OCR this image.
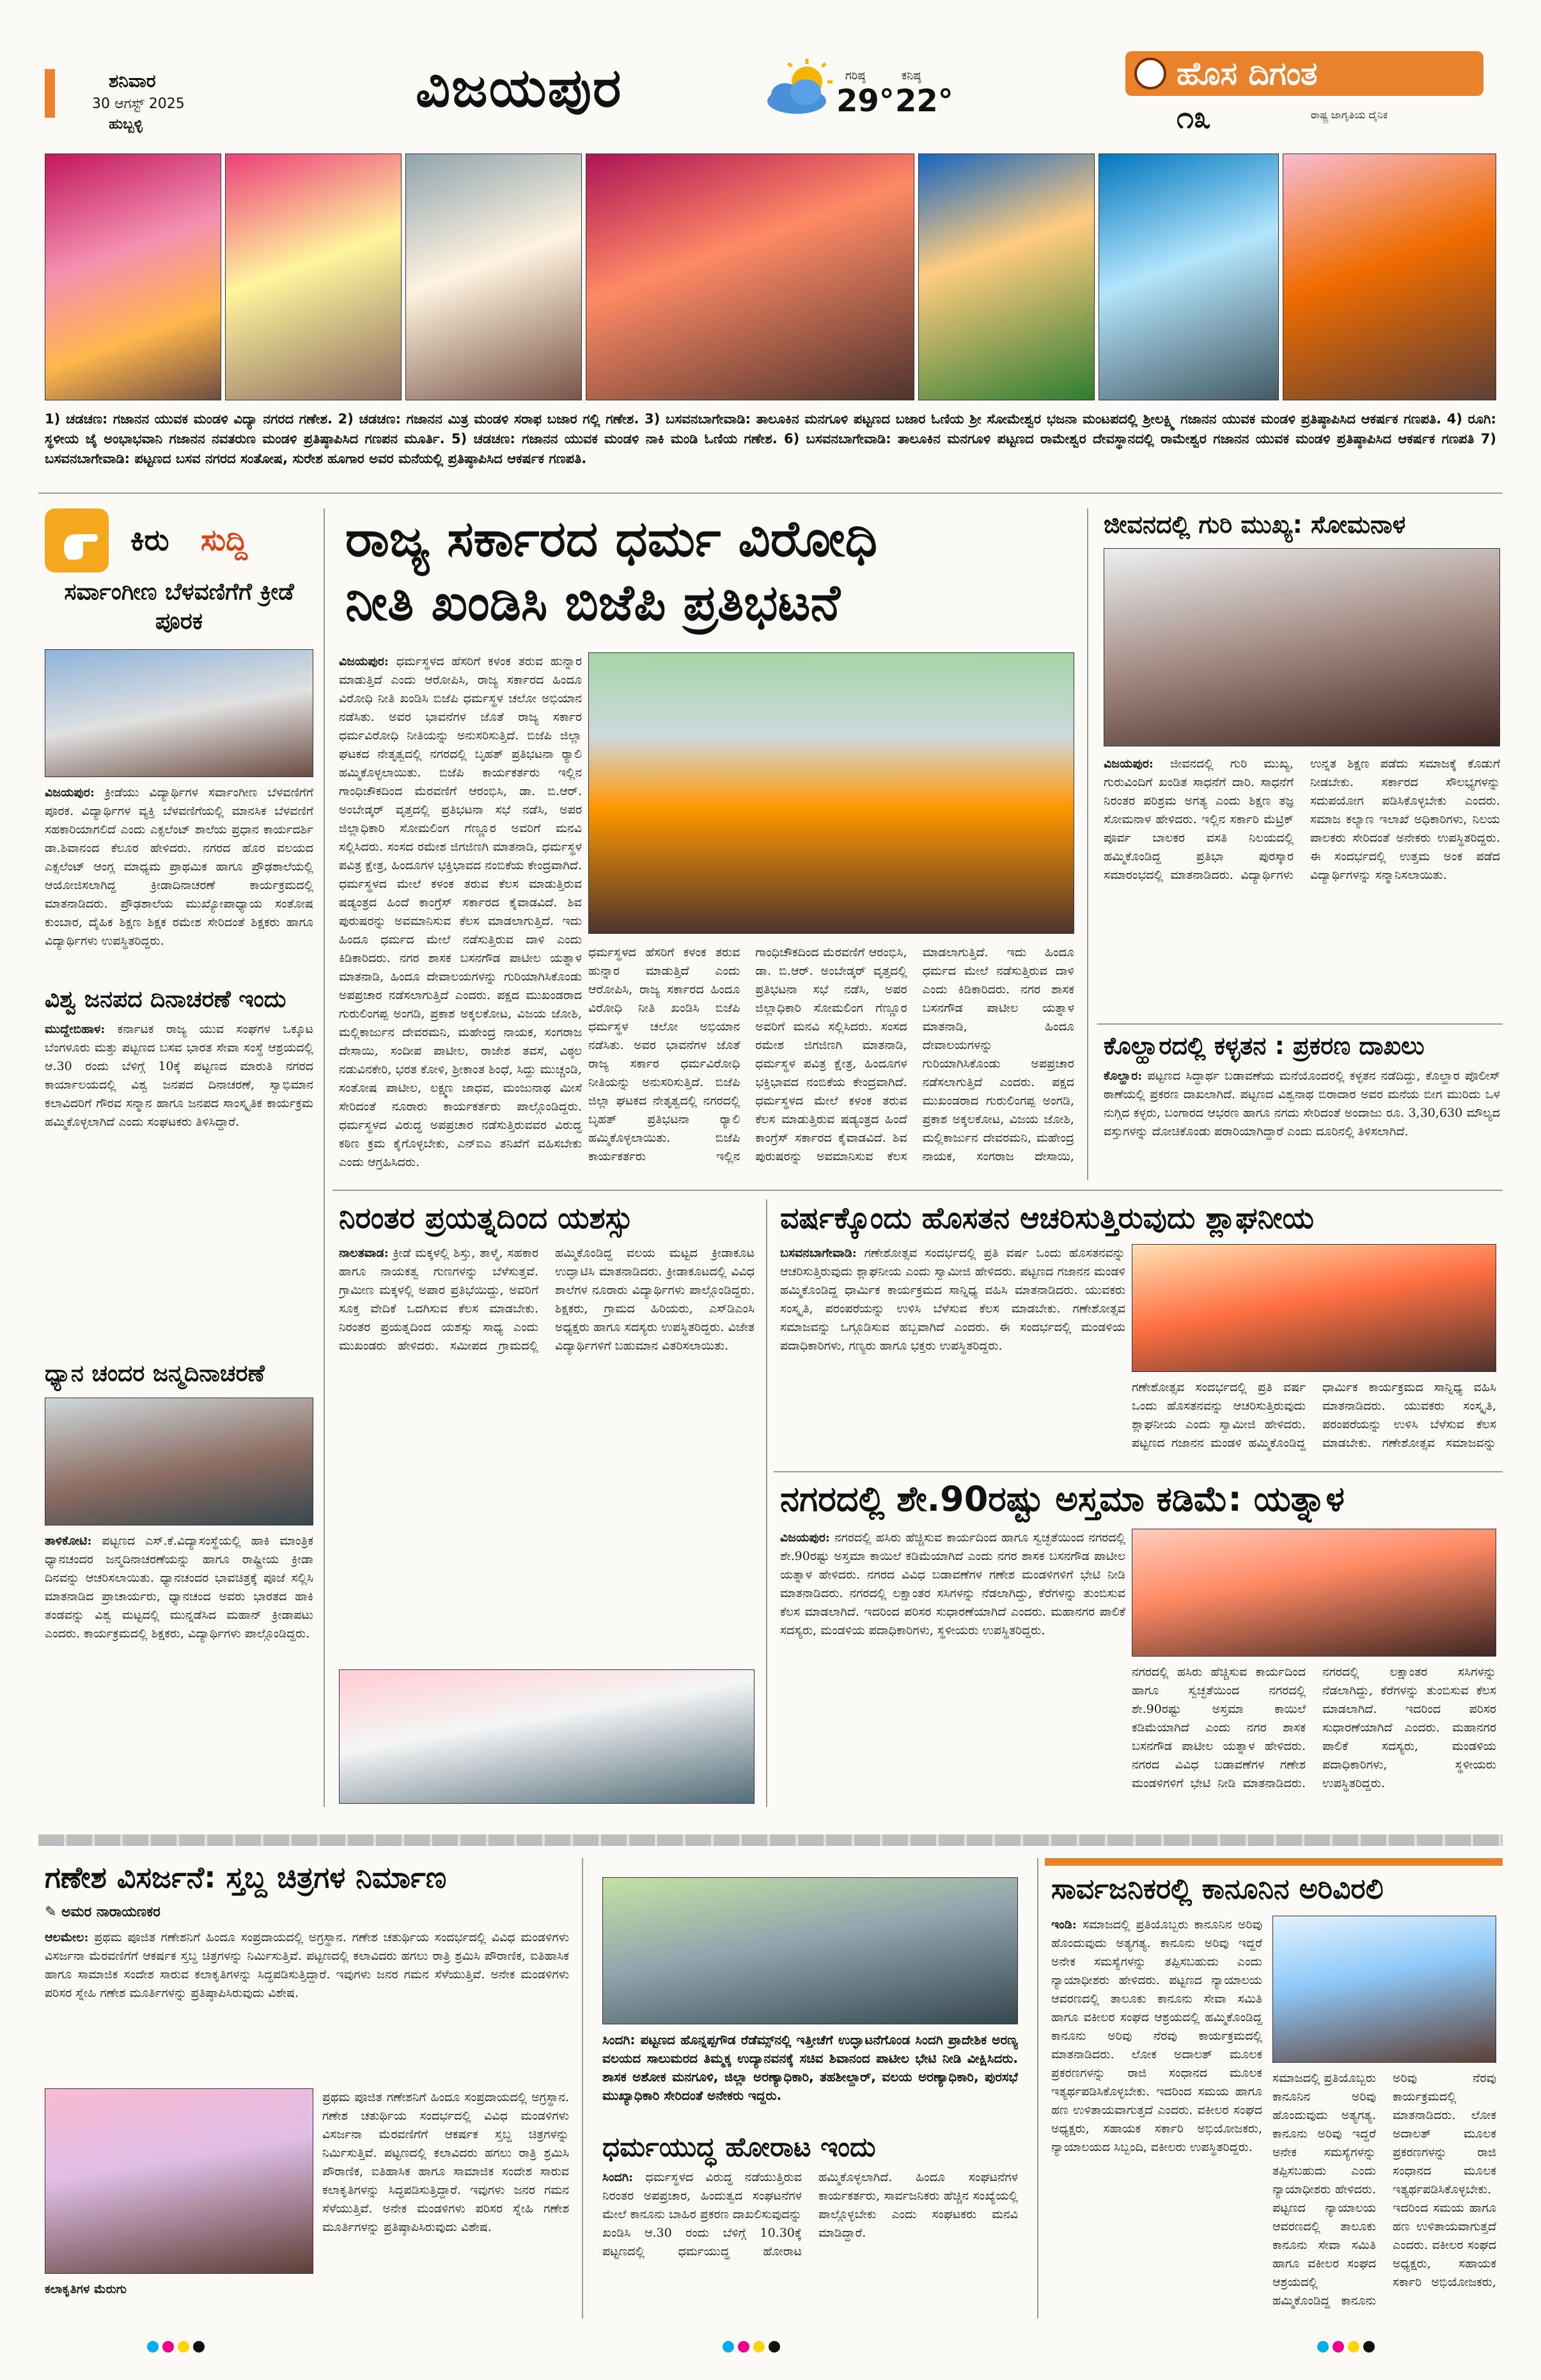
ಶನಿವಾರ
30 ಆಗಸ್ಟ್ 2025
ಹುಬ್ಬಳ್ಳಿ
ವಿಜಯಪುರ	ಗರಿಷ್ಠ
29°
ಕನಿಷ್ಠ
22°
ಹೊಸ ದಿಗಂತ
೧೩	ರಾಷ್ಟ್ರ ಜಾಗೃತಿಯ ದೈನಿಕ
1) ಚಡಚಣ: ಗಜಾನನ ಯುವಕ ಮಂಡಳಿ ವಿದ್ಯಾ ನಗರದ ಗಣೇಶ. 2) ಚಡಚಣ: ಗಜಾನನ ಮಿತ್ರ ಮಂಡಳಿ ಸರಾಫ ಬಜಾರ ಗಲ್ಲಿ ಗಣೇಶ. 3) ಬಸವನಬಾಗೇವಾಡಿ: ತಾಲೂಕಿನ ಮನಗೂಳಿ ಪಟ್ಟಣದ ಬಜಾರ ಓಣಿಯ ಶ್ರೀ ಸೋಮೇಶ್ವರ ಭಜನಾ ಮಂಟಪದಲ್ಲಿ ಶ್ರೀಲಕ್ಷ್ಮಿ ಗಜಾನನ ಯುವಕ ಮಂಡಳಿ ಪ್ರತಿಷ್ಠಾಪಿಸಿದ ಆಕರ್ಷಕ ಗಣಪತಿ. 4) ರೂಗಿ: ಸ್ಥಳೀಯ ಜೈ ಅಂಭಾಭವಾನಿ ಗಜಾನನ ನವತರುಣ ಮಂಡಳಿ ಪ್ರತಿಷ್ಠಾಪಿಸಿದ ಗಣಪನ ಮೂರ್ತಿ. 5) ಚಡಚಣ: ಗಜಾನನ ಯುವಕ ಮಂಡಳಿ ನಾಕಿ ಮಂಡಿ ಓಣಿಯ ಗಣೇಶ. 6) ಬಸವನಬಾಗೇವಾಡಿ: ತಾಲೂಕಿನ ಮನಗೂಳಿ ಪಟ್ಟಣದ ರಾಮೇಶ್ವರ ದೇವಸ್ಥಾನದಲ್ಲಿ ರಾಮೇಶ್ವರ ಗಜಾನನ ಯುವಕ ಮಂಡಳಿ ಪ್ರತಿಷ್ಠಾಪಿಸಿದ ಆಕರ್ಷಕ ಗಣಪತಿ 7) ಬಸವನಬಾಗೇವಾಡಿ: ಪಟ್ಟಣದ ಬಸವ ನಗರದ ಸಂತೋಷ, ಸುರೇಶ ಹೂಗಾರ ಅವರ ಮನೆಯಲ್ಲಿ ಪ್ರತಿಷ್ಠಾಪಿಸಿದ ಆಕರ್ಷಕ ಗಣಪತಿ.
ಕಿರು ಸುದ್ದಿ
ಸರ್ವಾಂಗೀಣ ಬೆಳವಣಿಗೆಗೆ ಕ್ರೀಡೆ ಪೂರಕ
ವಿಜಯಪುರ: ಕ್ರೀಡೆಯು ವಿದ್ಯಾರ್ಥಿಗಳ ಸರ್ವಾಂಗೀಣ ಬೆಳವಣಿಗೆಗೆ ಪೂರಕ. ವಿದ್ಯಾರ್ಥಿಗಳ ವ್ಯಕ್ತಿ ಬೆಳವಣಿಗೆಯಲ್ಲಿ ಮಾನಸಿಕ ಬೆಳವಣಿಗೆ ಸಹಕಾರಿಯಾಗಲಿದೆ ಎಂದು ಎಕ್ಸಲೆಂಟ್ ಶಾಲೆಯ ಪ್ರಧಾನ ಕಾರ್ಯದರ್ಶಿ ಡಾ.ಶಿವಾನಂದ ಕೆಲೂರ ಹೇಳಿದರು. ನಗರದ ಹೊರ ವಲಯದ ಎಕ್ಸಲೆಂಟ್ ಆಂಗ್ಲ ಮಾಧ್ಯಮ ಪ್ರಾಥಮಿಕ ಹಾಗೂ ಪ್ರೌಢಶಾಲೆಯಲ್ಲಿ ಆಯೋಜಿಸಲಾಗಿದ್ದ ಕ್ರೀಡಾದಿನಾಚರಣೆ ಕಾರ್ಯಕ್ರಮದಲ್ಲಿ ಮಾತನಾಡಿದರು. ಪ್ರೌಢಶಾಲೆಯ ಮುಖ್ಯೋಪಾಧ್ಯಾಯ ಸಂತೋಷ ಕುಂಬಾರ, ದೈಹಿಕ ಶಿಕ್ಷಣ ಶಿಕ್ಷಕ ರಮೇಶ ಸೇರಿದಂತೆ ಶಿಕ್ಷಕರು ಹಾಗೂ ವಿದ್ಯಾರ್ಥಿಗಳು ಉಪಸ್ಥಿತರಿದ್ದರು.
ವಿಶ್ವ ಜನಪದ ದಿನಾಚರಣೆ ಇಂದು
ಮುದ್ದೇಬಿಹಾಳ: ಕರ್ನಾಟಕ ರಾಜ್ಯ ಯುವ ಸಂಘಗಳ ಒಕ್ಕೂಟ ಬೆಂಗಳೂರು ಮತ್ತು ಪಟ್ಟಣದ ಬಸವ ಭಾರತ ಸೇವಾ ಸಂಸ್ಥೆ ಆಶ್ರಯದಲ್ಲಿ ಆ.30 ರಂದು ಬೆಳಿಗ್ಗೆ 10ಕ್ಕೆ ಪಟ್ಟಣದ ಮಾರುತಿ ನಗರದ ಕಾರ್ಯಾಲಯದಲ್ಲಿ ವಿಶ್ವ ಜನಪದ ದಿನಾಚರಣೆ, ಸ್ವಾಭಿಮಾನ ಕಲಾವಿದರಿಗೆ ಗೌರವ ಸನ್ಮಾನ ಹಾಗೂ ಜನಪದ ಸಾಂಸ್ಕೃತಿಕ ಕಾರ್ಯಕ್ರಮ ಹಮ್ಮಿಕೊಳ್ಳಲಾಗಿದೆ ಎಂದು ಸಂಘಟಕರು ತಿಳಿಸಿದ್ದಾರೆ.
ಧ್ಯಾನ ಚಂದರ ಜನ್ಮದಿನಾಚರಣೆ
ತಾಳಿಕೋಟಿ: ಪಟ್ಟಣದ ಎಸ್.ಕೆ.ವಿದ್ಯಾಸಂಸ್ಥೆಯಲ್ಲಿ ಹಾಕಿ ಮಾಂತ್ರಿಕ ಧ್ಯಾನಚಂದರ ಜನ್ಮದಿನಾಚರಣೆಯನ್ನು ಹಾಗೂ ರಾಷ್ಟ್ರೀಯ ಕ್ರೀಡಾ ದಿನವನ್ನು ಆಚರಿಸಲಾಯಿತು. ಧ್ಯಾನಚಂದರ ಭಾವಚಿತ್ರಕ್ಕೆ ಪೂಜೆ ಸಲ್ಲಿಸಿ ಮಾತನಾಡಿದ ಪ್ರಾಚಾರ್ಯರು, ಧ್ಯಾನಚಂದ ಅವರು ಭಾರತದ ಹಾಕಿ ತಂಡವನ್ನು ವಿಶ್ವ ಮಟ್ಟದಲ್ಲಿ ಮುನ್ನಡೆಸಿದ ಮಹಾನ್ ಕ್ರೀಡಾಪಟು ಎಂದರು. ಕಾರ್ಯಕ್ರಮದಲ್ಲಿ ಶಿಕ್ಷಕರು, ವಿದ್ಯಾರ್ಥಿಗಳು ಪಾಲ್ಗೊಂಡಿದ್ದರು.
ರಾಜ್ಯ ಸರ್ಕಾರದ ಧರ್ಮ ವಿರೋಧಿ
ನೀತಿ ಖಂಡಿಸಿ ಬಿಜೆಪಿ ಪ್ರತಿಭಟನೆ
ವಿಜಯಪುರ: ಧರ್ಮಸ್ಥಳದ ಹೆಸರಿಗೆ ಕಳಂಕ ತರುವ ಹುನ್ನಾರ ಮಾಡುತ್ತಿದೆ ಎಂದು ಆರೋಪಿಸಿ, ರಾಜ್ಯ ಸರ್ಕಾರದ ಹಿಂದೂ ವಿರೋಧಿ ನೀತಿ ಖಂಡಿಸಿ ಬಿಜೆಪಿ ಧರ್ಮಸ್ಥಳ ಚಲೋ ಅಭಿಯಾನ ನಡೆಸಿತು. ಅವರ ಭಾವನೆಗಳ ಜೊತೆ ರಾಜ್ಯ ಸರ್ಕಾರ ಧರ್ಮವಿರೋಧಿ ನೀತಿಯನ್ನು ಅನುಸರಿಸುತ್ತಿದೆ. ಬಿಜೆಪಿ ಜಿಲ್ಲಾ ಘಟಕದ ನೇತೃತ್ವದಲ್ಲಿ ನಗರದಲ್ಲಿ ಬೃಹತ್ ಪ್ರತಿಭಟನಾ ರ್‍ಯಾಲಿ ಹಮ್ಮಿಕೊಳ್ಳಲಾಯಿತು. ಬಿಜೆಪಿ ಕಾರ್ಯಕರ್ತರು ಇಲ್ಲಿನ ಗಾಂಧಿಚೌಕದಿಂದ ಮೆರವಣಿಗೆ ಆರಂಭಿಸಿ, ಡಾ. ಬಿ.ಆರ್. ಅಂಬೇಡ್ಕರ್ ವೃತ್ತದಲ್ಲಿ ಪ್ರತಿಭಟನಾ ಸಭೆ ನಡೆಸಿ, ಅಪರ ಜಿಲ್ಲಾಧಿಕಾರಿ ಸೋಮಲಿಂಗ ಗೆಣ್ಣೂರ ಅವರಿಗೆ ಮನವಿ ಸಲ್ಲಿಸಿದರು. ಸಂಸದ ರಮೇಶ ಜಿಗಜಿಣಗಿ ಮಾತನಾಡಿ, ಧರ್ಮಸ್ಥಳ ಪವಿತ್ರ ಕ್ಷೇತ್ರ, ಹಿಂದೂಗಳ ಭಕ್ತಿಭಾವದ ನಂಬಿಕೆಯ ಕೇಂದ್ರವಾಗಿದೆ. ಧರ್ಮಸ್ಥಳದ ಮೇಲೆ ಕಳಂಕ ತರುವ ಕೆಲಸ ಮಾಡುತ್ತಿರುವ ಷಡ್ಯಂತ್ರದ ಹಿಂದೆ ಕಾಂಗ್ರೆಸ್ ಸರ್ಕಾರದ ಕೈವಾಡವಿದೆ. ಶಿವ ಪುರುಷರನ್ನು ಅವಮಾನಿಸುವ ಕೆಲಸ ಮಾಡಲಾಗುತ್ತಿದೆ. ಇದು ಹಿಂದೂ ಧರ್ಮದ ಮೇಲೆ ನಡೆಸುತ್ತಿರುವ ದಾಳಿ ಎಂದು ಕಿಡಿಕಾರಿದರು. ನಗರ ಶಾಸಕ ಬಸನಗೌಡ ಪಾಟೀಲ ಯತ್ನಾಳ ಮಾತನಾಡಿ, ಹಿಂದೂ ದೇವಾಲಯಗಳನ್ನು ಗುರಿಯಾಗಿಸಿಕೊಂಡು ಅಪಪ್ರಚಾರ ನಡೆಸಲಾಗುತ್ತಿದೆ ಎಂದರು. ಪಕ್ಷದ ಮುಖಂಡರಾದ ಗುರುಲಿಂಗಪ್ಪ ಅಂಗಡಿ, ಪ್ರಕಾಶ ಅಕ್ಕಲಕೋಟ, ವಿಜಯ ಜೋಶಿ, ಮಲ್ಲಿಕಾರ್ಜುನ ದೇವರಮನಿ, ಮಹೇಂದ್ರ ನಾಯಕ, ಸಂಗರಾಜ ದೇಸಾಯಿ, ಸಂದೀಪ ಪಾಟೀಲ, ರಾಜೇಶ ತವಸೆ, ವಿಠ್ಠಲ ನಡುವಿನಕೇರಿ, ಭರತ ಕೋಳಿ, ಶ್ರೀಕಾಂತ ಶಿಂಧೆ, ಸಿದ್ದು ಮುಚ್ಚಂಡಿ, ಸಂತೋಷ ಪಾಟೀಲ, ಲಕ್ಷ್ಮಣ ಜಾಧವ, ಮಂಜುನಾಥ ಮೀಸೆ ಸೇರಿದಂತೆ ನೂರಾರು ಕಾರ್ಯಕರ್ತರು ಪಾಲ್ಗೊಂಡಿದ್ದರು. ಧರ್ಮಸ್ಥಳದ ವಿರುದ್ಧ ಅಪಪ್ರಚಾರ ನಡೆಸುತ್ತಿರುವವರ ವಿರುದ್ಧ ಕಠಿಣ ಕ್ರಮ ಕೈಗೊಳ್ಳಬೇಕು, ಎನ್‌ಐಎ ತನಿಖೆಗೆ ವಹಿಸಬೇಕು ಎಂದು ಆಗ್ರಹಿಸಿದರು.
ಧರ್ಮಸ್ಥಳದ ಹೆಸರಿಗೆ ಕಳಂಕ ತರುವ ಹುನ್ನಾರ ಮಾಡುತ್ತಿದೆ ಎಂದು ಆರೋಪಿಸಿ, ರಾಜ್ಯ ಸರ್ಕಾರದ ಹಿಂದೂ ವಿರೋಧಿ ನೀತಿ ಖಂಡಿಸಿ ಬಿಜೆಪಿ ಧರ್ಮಸ್ಥಳ ಚಲೋ ಅಭಿಯಾನ ನಡೆಸಿತು. ಅವರ ಭಾವನೆಗಳ ಜೊತೆ ರಾಜ್ಯ ಸರ್ಕಾರ ಧರ್ಮವಿರೋಧಿ ನೀತಿಯನ್ನು ಅನುಸರಿಸುತ್ತಿದೆ. ಬಿಜೆಪಿ ಜಿಲ್ಲಾ ಘಟಕದ ನೇತೃತ್ವದಲ್ಲಿ ನಗರದಲ್ಲಿ ಬೃಹತ್ ಪ್ರತಿಭಟನಾ ರ್‍ಯಾಲಿ ಹಮ್ಮಿಕೊಳ್ಳಲಾಯಿತು. ಬಿಜೆಪಿ ಕಾರ್ಯಕರ್ತರು ಇಲ್ಲಿನ ಗಾಂಧಿಚೌಕದಿಂದ ಮೆರವಣಿಗೆ ಆರಂಭಿಸಿ, ಡಾ. ಬಿ.ಆರ್. ಅಂಬೇಡ್ಕರ್ ವೃತ್ತದಲ್ಲಿ ಪ್ರತಿಭಟನಾ ಸಭೆ ನಡೆಸಿ, ಅಪರ ಜಿಲ್ಲಾಧಿಕಾರಿ ಸೋಮಲಿಂಗ ಗೆಣ್ಣೂರ ಅವರಿಗೆ ಮನವಿ ಸಲ್ಲಿಸಿದರು. ಸಂಸದ ರಮೇಶ ಜಿಗಜಿಣಗಿ ಮಾತನಾಡಿ, ಧರ್ಮಸ್ಥಳ ಪವಿತ್ರ ಕ್ಷೇತ್ರ, ಹಿಂದೂಗಳ ಭಕ್ತಿಭಾವದ ನಂಬಿಕೆಯ ಕೇಂದ್ರವಾಗಿದೆ. ಧರ್ಮಸ್ಥಳದ ಮೇಲೆ ಕಳಂಕ ತರುವ ಕೆಲಸ ಮಾಡುತ್ತಿರುವ ಷಡ್ಯಂತ್ರದ ಹಿಂದೆ ಕಾಂಗ್ರೆಸ್ ಸರ್ಕಾರದ ಕೈವಾಡವಿದೆ. ಶಿವ ಪುರುಷರನ್ನು ಅವಮಾನಿಸುವ ಕೆಲಸ ಮಾಡಲಾಗುತ್ತಿದೆ. ಇದು ಹಿಂದೂ ಧರ್ಮದ ಮೇಲೆ ನಡೆಸುತ್ತಿರುವ ದಾಳಿ ಎಂದು ಕಿಡಿಕಾರಿದರು. ನಗರ ಶಾಸಕ ಬಸನಗೌಡ ಪಾಟೀಲ ಯತ್ನಾಳ ಮಾತನಾಡಿ, ಹಿಂದೂ ದೇವಾಲಯಗಳನ್ನು ಗುರಿಯಾಗಿಸಿಕೊಂಡು ಅಪಪ್ರಚಾರ ನಡೆಸಲಾಗುತ್ತಿದೆ ಎಂದರು. ಪಕ್ಷದ ಮುಖಂಡರಾದ ಗುರುಲಿಂಗಪ್ಪ ಅಂಗಡಿ, ಪ್ರಕಾಶ ಅಕ್ಕಲಕೋಟ, ವಿಜಯ ಜೋಶಿ, ಮಲ್ಲಿಕಾರ್ಜುನ ದೇವರಮನಿ, ಮಹೇಂದ್ರ ನಾಯಕ, ಸಂಗರಾಜ ದೇಸಾಯಿ,
ಜೀವನದಲ್ಲಿ ಗುರಿ ಮುಖ್ಯ: ಸೋಮನಾಳ
ವಿಜಯಪುರ: ಜೀವನದಲ್ಲಿ ಗುರಿ ಮುಖ್ಯ, ಗುರುವಿಂದಿಗೆ ಖಂಡಿತ ಸಾಧನೆಗೆ ದಾರಿ. ಸಾಧನೆಗೆ ನಿರಂತರ ಪರಿಶ್ರಮ ಅಗತ್ಯ ಎಂದು ಶಿಕ್ಷಣ ತಜ್ಞ ಸೋಮನಾಳ ಹೇಳಿದರು. ಇಲ್ಲಿನ ಸರ್ಕಾರಿ ಮೆಟ್ರಿಕ್ ಪೂರ್ವ ಬಾಲಕರ ವಸತಿ ನಿಲಯದಲ್ಲಿ ಹಮ್ಮಿಕೊಂಡಿದ್ದ ಪ್ರತಿಭಾ ಪುರಸ್ಕಾರ ಸಮಾರಂಭದಲ್ಲಿ ಮಾತನಾಡಿದರು. ವಿದ್ಯಾರ್ಥಿಗಳು ಉನ್ನತ ಶಿಕ್ಷಣ ಪಡೆದು ಸಮಾಜಕ್ಕೆ ಕೊಡುಗೆ ನೀಡಬೇಕು. ಸರ್ಕಾರದ ಸೌಲಭ್ಯಗಳನ್ನು ಸದುಪಯೋಗ ಪಡಿಸಿಕೊಳ್ಳಬೇಕು ಎಂದರು. ಸಮಾಜ ಕಲ್ಯಾಣ ಇಲಾಖೆ ಅಧಿಕಾರಿಗಳು, ನಿಲಯ ಪಾಲಕರು ಸೇರಿದಂತೆ ಅನೇಕರು ಉಪಸ್ಥಿತರಿದ್ದರು. ಈ ಸಂದರ್ಭದಲ್ಲಿ ಉತ್ತಮ ಅಂಕ ಪಡೆದ ವಿದ್ಯಾರ್ಥಿಗಳನ್ನು ಸನ್ಮಾನಿಸಲಾಯಿತು.
ಕೊಲ್ಹಾರದಲ್ಲಿ ಕಳ್ಳತನ : ಪ್ರಕರಣ ದಾಖಲು
ಕೊಲ್ಹಾರ: ಪಟ್ಟಣದ ಸಿದ್ಧಾರ್ಥ ಬಡಾವಣೆಯ ಮನೆಯೊಂದರಲ್ಲಿ ಕಳ್ಳತನ ನಡೆದಿದ್ದು, ಕೊಲ್ಹಾರ ಪೊಲೀಸ್ ಠಾಣೆಯಲ್ಲಿ ಪ್ರಕರಣ ದಾಖಲಾಗಿದೆ. ಪಟ್ಟಣದ ವಿಶ್ವನಾಥ ಬಿರಾದಾರ ಅವರ ಮನೆಯ ಬೀಗ ಮುರಿದು ಒಳ ನುಗ್ಗಿದ ಕಳ್ಳರು, ಬಂಗಾರದ ಆಭರಣ ಹಾಗೂ ನಗದು ಸೇರಿದಂತೆ ಅಂದಾಜು ರೂ. 3,30,630 ಮೌಲ್ಯದ ವಸ್ತುಗಳನ್ನು ದೋಚಿಕೊಂಡು ಪರಾರಿಯಾಗಿದ್ದಾರೆ ಎಂದು ದೂರಿನಲ್ಲಿ ತಿಳಿಸಲಾಗಿದೆ.
ನಿರಂತರ ಪ್ರಯತ್ನದಿಂದ ಯಶಸ್ಸು
ನಾಲತವಾಡ: ಕ್ರೀಡೆ ಮಕ್ಕಳಲ್ಲಿ ಶಿಸ್ತು, ತಾಳ್ಮೆ, ಸಹಕಾರ ಹಾಗೂ ನಾಯಕತ್ವ ಗುಣಗಳನ್ನು ಬೆಳೆಸುತ್ತವೆ. ಗ್ರಾಮೀಣ ಮಕ್ಕಳಲ್ಲಿ ಅಪಾರ ಪ್ರತಿಭೆಯಿದ್ದು, ಅವರಿಗೆ ಸೂಕ್ತ ವೇದಿಕೆ ಒದಗಿಸುವ ಕೆಲಸ ಮಾಡಬೇಕು. ನಿರಂತರ ಪ್ರಯತ್ನದಿಂದ ಯಶಸ್ಸು ಸಾಧ್ಯ ಎಂದು ಮುಖಂಡರು ಹೇಳಿದರು. ಸಮೀಪದ ಗ್ರಾಮದಲ್ಲಿ ಹಮ್ಮಿಕೊಂಡಿದ್ದ ವಲಯ ಮಟ್ಟದ ಕ್ರೀಡಾಕೂಟ ಉದ್ಘಾಟಿಸಿ ಮಾತನಾಡಿದರು. ಕ್ರೀಡಾಕೂಟದಲ್ಲಿ ವಿವಿಧ ಶಾಲೆಗಳ ನೂರಾರು ವಿದ್ಯಾರ್ಥಿಗಳು ಪಾಲ್ಗೊಂಡಿದ್ದರು. ಶಿಕ್ಷಕರು, ಗ್ರಾಮದ ಹಿರಿಯರು, ಎಸ್‌ಡಿಎಂಸಿ ಅಧ್ಯಕ್ಷರು ಹಾಗೂ ಸದಸ್ಯರು ಉಪಸ್ಥಿತರಿದ್ದರು. ವಿಜೇತ ವಿದ್ಯಾರ್ಥಿಗಳಿಗೆ ಬಹುಮಾನ ವಿತರಿಸಲಾಯಿತು.
ವರ್ಷಕ್ಕೊಂದು ಹೊಸತನ ಆಚರಿಸುತ್ತಿರುವುದು ಶ್ಲಾಘನೀಯ
ಬಸವನಬಾಗೇವಾಡಿ: ಗಣೇಶೋತ್ಸವ ಸಂದರ್ಭದಲ್ಲಿ ಪ್ರತಿ ವರ್ಷ ಒಂದು ಹೊಸತನವನ್ನು ಆಚರಿಸುತ್ತಿರುವುದು ಶ್ಲಾಘನೀಯ ಎಂದು ಸ್ವಾಮೀಜಿ ಹೇಳಿದರು. ಪಟ್ಟಣದ ಗಜಾನನ ಮಂಡಳಿ ಹಮ್ಮಿಕೊಂಡಿದ್ದ ಧಾರ್ಮಿಕ ಕಾರ್ಯಕ್ರಮದ ಸಾನ್ನಿಧ್ಯ ವಹಿಸಿ ಮಾತನಾಡಿದರು. ಯುವಕರು ಸಂಸ್ಕೃತಿ, ಪರಂಪರೆಯನ್ನು ಉಳಿಸಿ ಬೆಳೆಸುವ ಕೆಲಸ ಮಾಡಬೇಕು. ಗಣೇಶೋತ್ಸವ ಸಮಾಜವನ್ನು ಒಗ್ಗೂಡಿಸುವ ಹಬ್ಬವಾಗಿದೆ ಎಂದರು. ಈ ಸಂದರ್ಭದಲ್ಲಿ ಮಂಡಳಿಯ ಪದಾಧಿಕಾರಿಗಳು, ಗಣ್ಯರು ಹಾಗೂ ಭಕ್ತರು ಉಪಸ್ಥಿತರಿದ್ದರು.
ಗಣೇಶೋತ್ಸವ ಸಂದರ್ಭದಲ್ಲಿ ಪ್ರತಿ ವರ್ಷ ಒಂದು ಹೊಸತನವನ್ನು ಆಚರಿಸುತ್ತಿರುವುದು ಶ್ಲಾಘನೀಯ ಎಂದು ಸ್ವಾಮೀಜಿ ಹೇಳಿದರು. ಪಟ್ಟಣದ ಗಜಾನನ ಮಂಡಳಿ ಹಮ್ಮಿಕೊಂಡಿದ್ದ ಧಾರ್ಮಿಕ ಕಾರ್ಯಕ್ರಮದ ಸಾನ್ನಿಧ್ಯ ವಹಿಸಿ ಮಾತನಾಡಿದರು. ಯುವಕರು ಸಂಸ್ಕೃತಿ, ಪರಂಪರೆಯನ್ನು ಉಳಿಸಿ ಬೆಳೆಸುವ ಕೆಲಸ ಮಾಡಬೇಕು. ಗಣೇಶೋತ್ಸವ ಸಮಾಜವನ್ನು
ನಗರದಲ್ಲಿ ಶೇ.90ರಷ್ಟು ಅಸ್ತಮಾ ಕಡಿಮೆ: ಯತ್ನಾಳ
ವಿಜಯಪುರ: ನಗರದಲ್ಲಿ ಹಸಿರು ಹೆಚ್ಚಿಸುವ ಕಾರ್ಯದಿಂದ ಹಾಗೂ ಸ್ವಚ್ಛತೆಯಿಂದ ನಗರದಲ್ಲಿ ಶೇ.90ರಷ್ಟು ಅಸ್ತಮಾ ಕಾಯಿಲೆ ಕಡಿಮೆಯಾಗಿದೆ ಎಂದು ನಗರ ಶಾಸಕ ಬಸನಗೌಡ ಪಾಟೀಲ ಯತ್ನಾಳ ಹೇಳಿದರು. ನಗರದ ವಿವಿಧ ಬಡಾವಣೆಗಳ ಗಣೇಶ ಮಂಡಳಿಗಳಿಗೆ ಭೇಟಿ ನೀಡಿ ಮಾತನಾಡಿದರು. ನಗರದಲ್ಲಿ ಲಕ್ಷಾಂತರ ಸಸಿಗಳನ್ನು ನೆಡಲಾಗಿದ್ದು, ಕೆರೆಗಳನ್ನು ತುಂಬಿಸುವ ಕೆಲಸ ಮಾಡಲಾಗಿದೆ. ಇದರಿಂದ ಪರಿಸರ ಸುಧಾರಣೆಯಾಗಿದೆ ಎಂದರು. ಮಹಾನಗರ ಪಾಲಿಕೆ ಸದಸ್ಯರು, ಮಂಡಳಿಯ ಪದಾಧಿಕಾರಿಗಳು, ಸ್ಥಳೀಯರು ಉಪಸ್ಥಿತರಿದ್ದರು.
ನಗರದಲ್ಲಿ ಹಸಿರು ಹೆಚ್ಚಿಸುವ ಕಾರ್ಯದಿಂದ ಹಾಗೂ ಸ್ವಚ್ಛತೆಯಿಂದ ನಗರದಲ್ಲಿ ಶೇ.90ರಷ್ಟು ಅಸ್ತಮಾ ಕಾಯಿಲೆ ಕಡಿಮೆಯಾಗಿದೆ ಎಂದು ನಗರ ಶಾಸಕ ಬಸನಗೌಡ ಪಾಟೀಲ ಯತ್ನಾಳ ಹೇಳಿದರು. ನಗರದ ವಿವಿಧ ಬಡಾವಣೆಗಳ ಗಣೇಶ ಮಂಡಳಿಗಳಿಗೆ ಭೇಟಿ ನೀಡಿ ಮಾತನಾಡಿದರು. ನಗರದಲ್ಲಿ ಲಕ್ಷಾಂತರ ಸಸಿಗಳನ್ನು ನೆಡಲಾಗಿದ್ದು, ಕೆರೆಗಳನ್ನು ತುಂಬಿಸುವ ಕೆಲಸ ಮಾಡಲಾಗಿದೆ. ಇದರಿಂದ ಪರಿಸರ ಸುಧಾರಣೆಯಾಗಿದೆ ಎಂದರು. ಮಹಾನಗರ ಪಾಲಿಕೆ ಸದಸ್ಯರು, ಮಂಡಳಿಯ ಪದಾಧಿಕಾರಿಗಳು, ಸ್ಥಳೀಯರು ಉಪಸ್ಥಿತರಿದ್ದರು.
ಗಣೇಶ ವಿಸರ್ಜನೆ: ಸ್ತಬ್ದ ಚಿತ್ರಗಳ ನಿರ್ಮಾಣ
✎ ಅಮರ ನಾರಾಯಣಕರ
ಆಲಮೇಲ: ಪ್ರಥಮ ಪೂಜಿತ ಗಣೇಶನಿಗೆ ಹಿಂದೂ ಸಂಪ್ರದಾಯದಲ್ಲಿ ಅಗ್ರಸ್ಥಾನ. ಗಣೇಶ ಚತುರ್ಥಿಯ ಸಂದರ್ಭದಲ್ಲಿ ವಿವಿಧ ಮಂಡಳಿಗಳು ವಿಸರ್ಜನಾ ಮೆರವಣಿಗೆಗೆ ಆಕರ್ಷಕ ಸ್ತಬ್ದ ಚಿತ್ರಗಳನ್ನು ನಿರ್ಮಿಸುತ್ತಿವೆ. ಪಟ್ಟಣದಲ್ಲಿ ಕಲಾವಿದರು ಹಗಲು ರಾತ್ರಿ ಶ್ರಮಿಸಿ ಪೌರಾಣಿಕ, ಐತಿಹಾಸಿಕ ಹಾಗೂ ಸಾಮಾಜಿಕ ಸಂದೇಶ ಸಾರುವ ಕಲಾಕೃತಿಗಳನ್ನು ಸಿದ್ಧಪಡಿಸುತ್ತಿದ್ದಾರೆ. ಇವುಗಳು ಜನರ ಗಮನ ಸೆಳೆಯುತ್ತಿವೆ. ಅನೇಕ ಮಂಡಳಿಗಳು ಪರಿಸರ ಸ್ನೇಹಿ ಗಣೇಶ ಮೂರ್ತಿಗಳನ್ನು ಪ್ರತಿಷ್ಠಾಪಿಸಿರುವುದು ವಿಶೇಷ.
ಕಲಾಕೃತಿಗಳ ಮೆರುಗು
ಪ್ರಥಮ ಪೂಜಿತ ಗಣೇಶನಿಗೆ ಹಿಂದೂ ಸಂಪ್ರದಾಯದಲ್ಲಿ ಅಗ್ರಸ್ಥಾನ. ಗಣೇಶ ಚತುರ್ಥಿಯ ಸಂದರ್ಭದಲ್ಲಿ ವಿವಿಧ ಮಂಡಳಿಗಳು ವಿಸರ್ಜನಾ ಮೆರವಣಿಗೆಗೆ ಆಕರ್ಷಕ ಸ್ತಬ್ದ ಚಿತ್ರಗಳನ್ನು ನಿರ್ಮಿಸುತ್ತಿವೆ. ಪಟ್ಟಣದಲ್ಲಿ ಕಲಾವಿದರು ಹಗಲು ರಾತ್ರಿ ಶ್ರಮಿಸಿ ಪೌರಾಣಿಕ, ಐತಿಹಾಸಿಕ ಹಾಗೂ ಸಾಮಾಜಿಕ ಸಂದೇಶ ಸಾರುವ ಕಲಾಕೃತಿಗಳನ್ನು ಸಿದ್ಧಪಡಿಸುತ್ತಿದ್ದಾರೆ. ಇವುಗಳು ಜನರ ಗಮನ ಸೆಳೆಯುತ್ತಿವೆ. ಅನೇಕ ಮಂಡಳಿಗಳು ಪರಿಸರ ಸ್ನೇಹಿ ಗಣೇಶ ಮೂರ್ತಿಗಳನ್ನು ಪ್ರತಿಷ್ಠಾಪಿಸಿರುವುದು ವಿಶೇಷ.
ಸಿಂದಗಿ: ಪಟ್ಟಣದ ಹೊನ್ನಪ್ಪಗೌಡ ರೆಡೆಮ್ಸ್‌ನಲ್ಲಿ ಇತ್ತೀಚೆಗೆ ಉದ್ಘಾಟನೆಗೊಂಡ ಸಿಂದಗಿ ಪ್ರಾದೇಶಿಕ ಅರಣ್ಯ ವಲಯದ ಸಾಲುಮರದ ತಿಮ್ಮಕ್ಕ ಉದ್ಯಾನವನಕ್ಕೆ ಸಚಿವ ಶಿವಾನಂದ ಪಾಟೀಲ ಭೇಟಿ ನೀಡಿ ವೀಕ್ಷಿಸಿದರು. ಶಾಸಕ ಅಶೋಕ ಮನಗೂಳಿ, ಜಿಲ್ಲಾ ಅರಣ್ಯಾಧಿಕಾರಿ, ತಹಶೀಲ್ದಾರ್, ವಲಯ ಅರಣ್ಯಾಧಿಕಾರಿ, ಪುರಸಭೆ ಮುಖ್ಯಾಧಿಕಾರಿ ಸೇರಿದಂತೆ ಅನೇಕರು ಇದ್ದರು.
ಧರ್ಮಯುದ್ಧ ಹೋರಾಟ ಇಂದು
ಸಿಂದಗಿ: ಧರ್ಮಸ್ಥಳದ ವಿರುದ್ಧ ನಡೆಯುತ್ತಿರುವ ನಿರಂತರ ಅಪಪ್ರಚಾರ, ಹಿಂದುತ್ವದ ಸಂಘಟನೆಗಳ ಮೇಲೆ ಕಾನೂನು ಬಾಹಿರ ಪ್ರಕರಣ ದಾಖಲಿಸುವುದನ್ನು ಖಂಡಿಸಿ ಆ.30 ರಂದು ಬೆಳಿಗ್ಗೆ 10.30ಕ್ಕೆ ಪಟ್ಟಣದಲ್ಲಿ ಧರ್ಮಯುದ್ಧ ಹೋರಾಟ ಹಮ್ಮಿಕೊಳ್ಳಲಾಗಿದೆ. ಹಿಂದೂ ಸಂಘಟನೆಗಳ ಕಾರ್ಯಕರ್ತರು, ಸಾರ್ವಜನಿಕರು ಹೆಚ್ಚಿನ ಸಂಖ್ಯೆಯಲ್ಲಿ ಪಾಲ್ಗೊಳ್ಳಬೇಕು ಎಂದು ಸಂಘಟಕರು ಮನವಿ ಮಾಡಿದ್ದಾರೆ.
ಸಾರ್ವಜನಿಕರಲ್ಲಿ ಕಾನೂನಿನ ಅರಿವಿರಲಿ
ಇಂಡಿ: ಸಮಾಜದಲ್ಲಿ ಪ್ರತಿಯೊಬ್ಬರು ಕಾನೂನಿನ ಅರಿವು ಹೊಂದುವುದು ಅತ್ಯಗತ್ಯ. ಕಾನೂನು ಅರಿವು ಇದ್ದರೆ ಅನೇಕ ಸಮಸ್ಯೆಗಳನ್ನು ತಪ್ಪಿಸಬಹುದು ಎಂದು ನ್ಯಾಯಾಧೀಶರು ಹೇಳಿದರು. ಪಟ್ಟಣದ ನ್ಯಾಯಾಲಯ ಆವರಣದಲ್ಲಿ ತಾಲೂಕು ಕಾನೂನು ಸೇವಾ ಸಮಿತಿ ಹಾಗೂ ವಕೀಲರ ಸಂಘದ ಆಶ್ರಯದಲ್ಲಿ ಹಮ್ಮಿಕೊಂಡಿದ್ದ ಕಾನೂನು ಅರಿವು ನೆರವು ಕಾರ್ಯಕ್ರಮದಲ್ಲಿ ಮಾತನಾಡಿದರು. ಲೋಕ ಅದಾಲತ್ ಮೂಲಕ ಪ್ರಕರಣಗಳನ್ನು ರಾಜಿ ಸಂಧಾನದ ಮೂಲಕ ಇತ್ಯರ್ಥಪಡಿಸಿಕೊಳ್ಳಬೇಕು. ಇದರಿಂದ ಸಮಯ ಹಾಗೂ ಹಣ ಉಳಿತಾಯವಾಗುತ್ತದೆ ಎಂದರು. ವಕೀಲರ ಸಂಘದ ಅಧ್ಯಕ್ಷರು, ಸಹಾಯಕ ಸರ್ಕಾರಿ ಅಭಿಯೋಜಕರು, ನ್ಯಾಯಾಲಯದ ಸಿಬ್ಬಂದಿ, ವಕೀಲರು ಉಪಸ್ಥಿತರಿದ್ದರು.
ಸಮಾಜದಲ್ಲಿ ಪ್ರತಿಯೊಬ್ಬರು ಕಾನೂನಿನ ಅರಿವು ಹೊಂದುವುದು ಅತ್ಯಗತ್ಯ. ಕಾನೂನು ಅರಿವು ಇದ್ದರೆ ಅನೇಕ ಸಮಸ್ಯೆಗಳನ್ನು ತಪ್ಪಿಸಬಹುದು ಎಂದು ನ್ಯಾಯಾಧೀಶರು ಹೇಳಿದರು. ಪಟ್ಟಣದ ನ್ಯಾಯಾಲಯ ಆವರಣದಲ್ಲಿ ತಾಲೂಕು ಕಾನೂನು ಸೇವಾ ಸಮಿತಿ ಹಾಗೂ ವಕೀಲರ ಸಂಘದ ಆಶ್ರಯದಲ್ಲಿ ಹಮ್ಮಿಕೊಂಡಿದ್ದ ಕಾನೂನು ಅರಿವು ನೆರವು ಕಾರ್ಯಕ್ರಮದಲ್ಲಿ ಮಾತನಾಡಿದರು. ಲೋಕ ಅದಾಲತ್ ಮೂಲಕ ಪ್ರಕರಣಗಳನ್ನು ರಾಜಿ ಸಂಧಾನದ ಮೂಲಕ ಇತ್ಯರ್ಥಪಡಿಸಿಕೊಳ್ಳಬೇಕು. ಇದರಿಂದ ಸಮಯ ಹಾಗೂ ಹಣ ಉಳಿತಾಯವಾಗುತ್ತದೆ ಎಂದರು. ವಕೀಲರ ಸಂಘದ ಅಧ್ಯಕ್ಷರು, ಸಹಾಯಕ ಸರ್ಕಾರಿ ಅಭಿಯೋಜಕರು,
